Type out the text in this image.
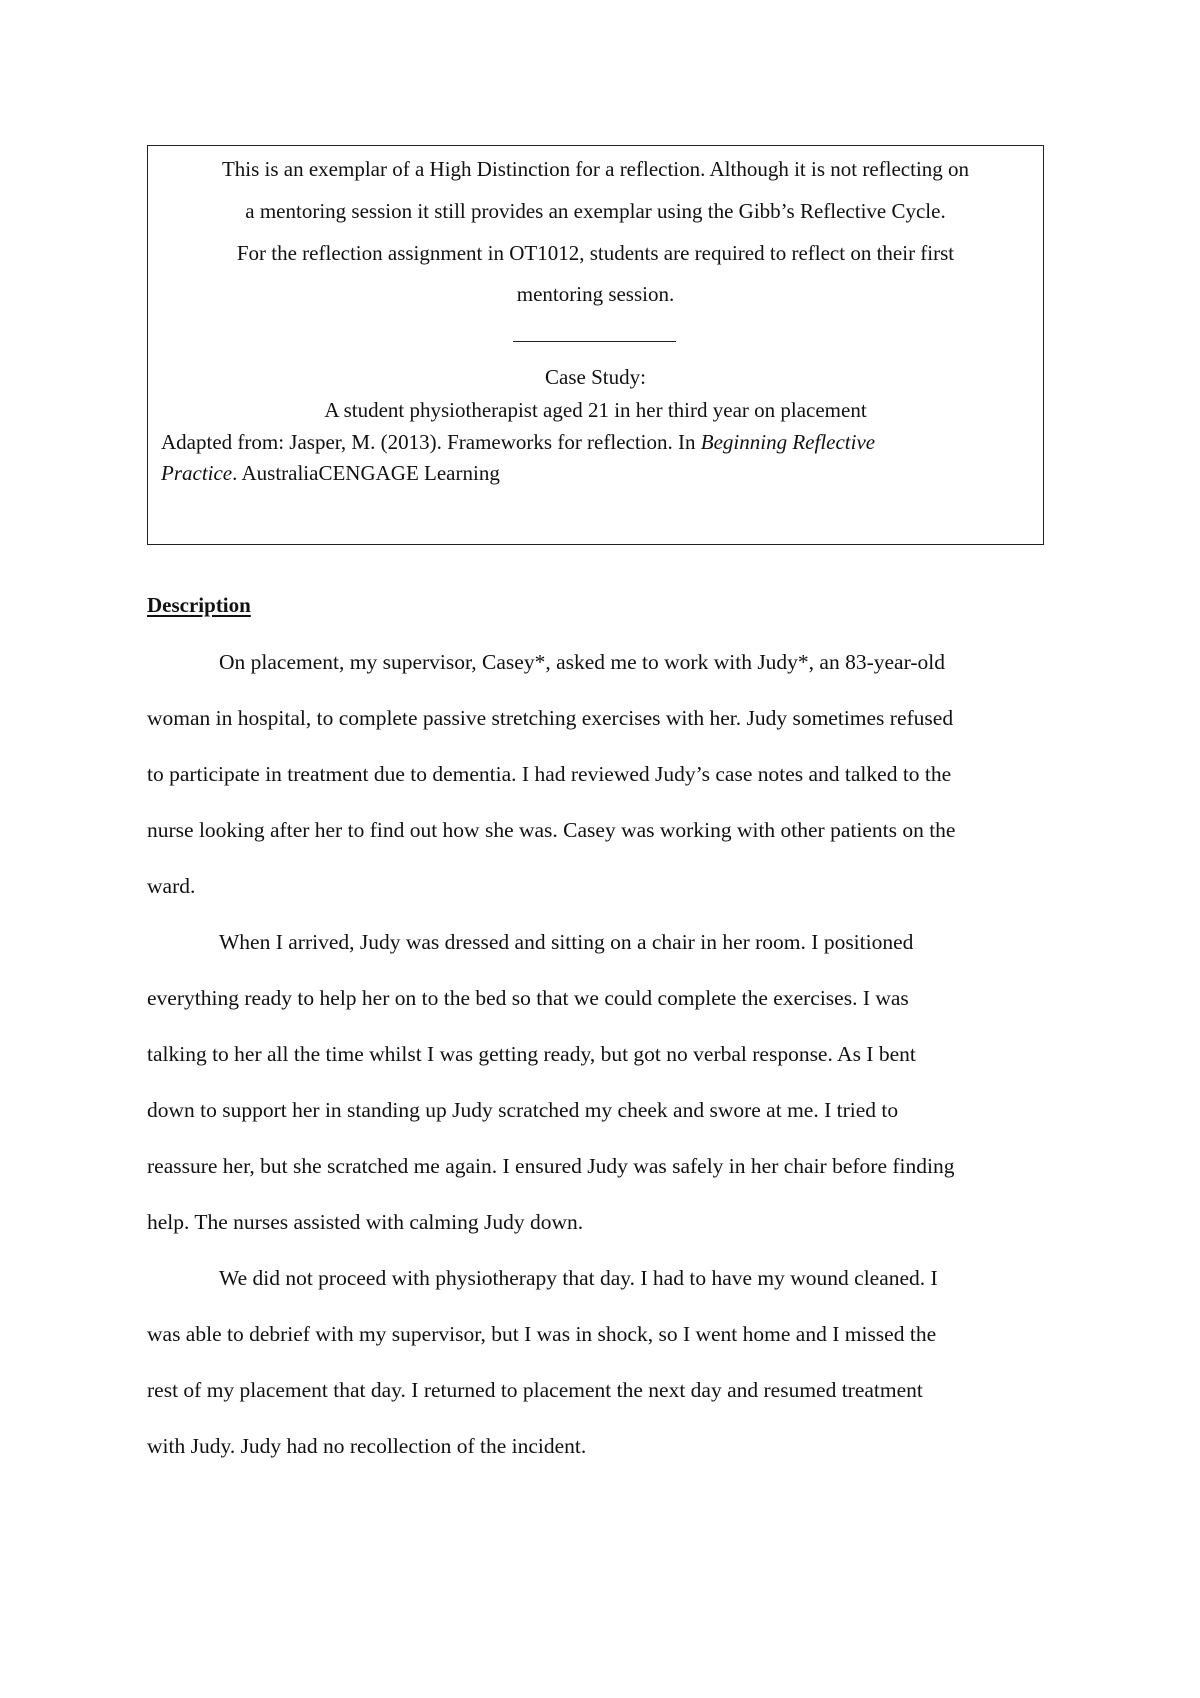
This is an exemplar of a High Distinction for a reflection. Although it is not reflecting on
a mentoring session it still provides an exemplar using the Gibb’s Reflective Cycle.
For the reflection assignment in OT1012, students are required to reflect on their first
mentoring session.
Case Study:
A student physiotherapist aged 21 in her third year on placement
Adapted from: Jasper, M. (2013). Frameworks for reflection. In Beginning Reflective
Practice. AustraliaCENGAGE Learning
Description
On placement, my supervisor, Casey*, asked me to work with Judy*, an 83-year-old
woman in hospital, to complete passive stretching exercises with her. Judy sometimes refused
to participate in treatment due to dementia. I had reviewed Judy’s case notes and talked to the
nurse looking after her to find out how she was. Casey was working with other patients on the
ward.
When I arrived, Judy was dressed and sitting on a chair in her room. I positioned
everything ready to help her on to the bed so that we could complete the exercises. I was
talking to her all the time whilst I was getting ready, but got no verbal response. As I bent
down to support her in standing up Judy scratched my cheek and swore at me. I tried to
reassure her, but she scratched me again. I ensured Judy was safely in her chair before finding
help. The nurses assisted with calming Judy down.
We did not proceed with physiotherapy that day. I had to have my wound cleaned. I
was able to debrief with my supervisor, but I was in shock, so I went home and I missed the
rest of my placement that day. I returned to placement the next day and resumed treatment
with Judy. Judy had no recollection of the incident.
